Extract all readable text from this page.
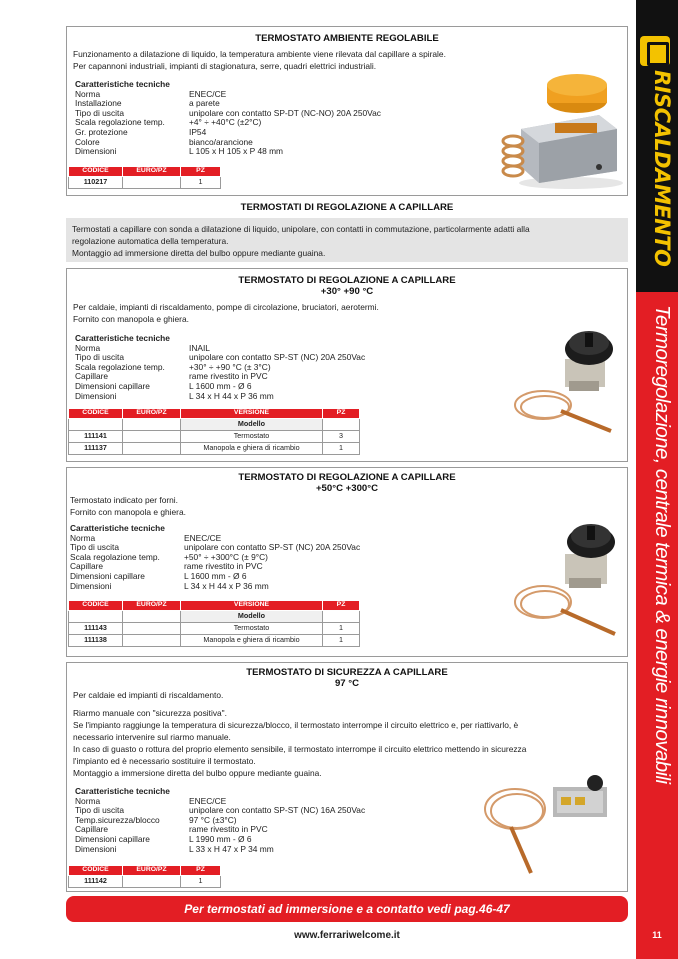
RISCALDAMENTO
Termoregolazione, centrale termica & energie rinnovabili
11
TERMOSTATO AMBIENTE REGOLABILE
Funzionamento a dilatazione di liquido, la temperatura ambiente viene rilevata dal capillare a spirale.
Per capannoni industriali, impianti di stagionatura, serre, quadri elettrici industriali.
Caratteristiche tecniche
Norma	ENEC/CE
Installazione	a parete
Tipo di uscita	unipolare con contatto SP-DT (NC-NO) 20A 250Vac
Scala regolazione temp.	+4° ÷ +40°C (±2°C)
Gr. protezione	IP54
Colore	bianco/arancione
Dimensioni	L 105 x H 105 x P 48 mm
CODICE	EURO/PZ	PZ
110217		1
TERMOSTATI DI REGOLAZIONE A CAPILLARE
Termostati a capillare con sonda a dilatazione di liquido, unipolare, con contatti in commutazione, particolarmente adatti alla
regolazione automatica della temperatura.
Montaggio ad immersione diretta del bulbo oppure mediante guaina.
TERMOSTATO DI REGOLAZIONE A CAPILLARE
+30° +90 °C
Per caldaie, impianti di riscaldamento, pompe di circolazione, bruciatori, aerotermi.
Fornito con manopola e ghiera.
Caratteristiche tecniche
Norma	INAIL
Tipo di uscita	unipolare con contatto SP-ST (NC) 20A 250Vac
Scala regolazione temp.	+30° ÷ +90 °C (± 3°C)
Capillare	rame rivestito in PVC
Dimensioni capillare	L 1600 mm - Ø 6
Dimensioni	L 34 x H 44 x P 36 mm
CODICE	EURO/PZ	VERSIONE	PZ
		Modello	
111141		Termostato	3
111137		Manopola e ghiera di ricambio	1
TERMOSTATO DI REGOLAZIONE A CAPILLARE
+50°C +300°C
Termostato indicato per forni.
Fornito con manopola e ghiera.
Caratteristiche tecniche
Norma	ENEC/CE
Tipo di uscita	unipolare con contatto SP-ST (NC) 20A 250Vac
Scala regolazione temp.	+50° ÷ +300°C (± 9°C)
Capillare	rame rivestito in PVC
Dimensioni capillare	L 1600 mm - Ø 6
Dimensioni	L 34 x H 44 x P 36 mm
CODICE	EURO/PZ	VERSIONE	PZ
		Modello	
111143		Termostato	1
111138		Manopola e ghiera di ricambio	1
TERMOSTATO DI SICUREZZA A CAPILLARE
97 °C
Per caldaie ed impianti di riscaldamento.
Riarmo manuale con "sicurezza positiva".
Se l'impianto raggiunge la temperatura di sicurezza/blocco, il termostato interrompe il circuito elettrico e, per riattivarlo, è
necessario intervenire sul riarmo manuale.
In caso di guasto o rottura del proprio elemento sensibile, il termostato interrompe il circuito elettrico mettendo in sicurezza
l'impianto ed è necessario sostituire il termostato.
Montaggio a immersione diretta del bulbo oppure mediante guaina.
Caratteristiche tecniche
Norma	ENEC/CE
Tipo di uscita	unipolare con contatto SP-ST (NC) 16A 250Vac
Temp.sicurezza/blocco	97 °C (±3°C)
Capillare	rame rivestito in PVC
Dimensioni capillare	L 1990 mm - Ø 6
Dimensioni	L 33 x H 47 x P 34 mm
CODICE	EURO/PZ	PZ
111142		1
Per termostati ad immersione e a contatto vedi pag.46-47
www.ferrariwelcome.it
